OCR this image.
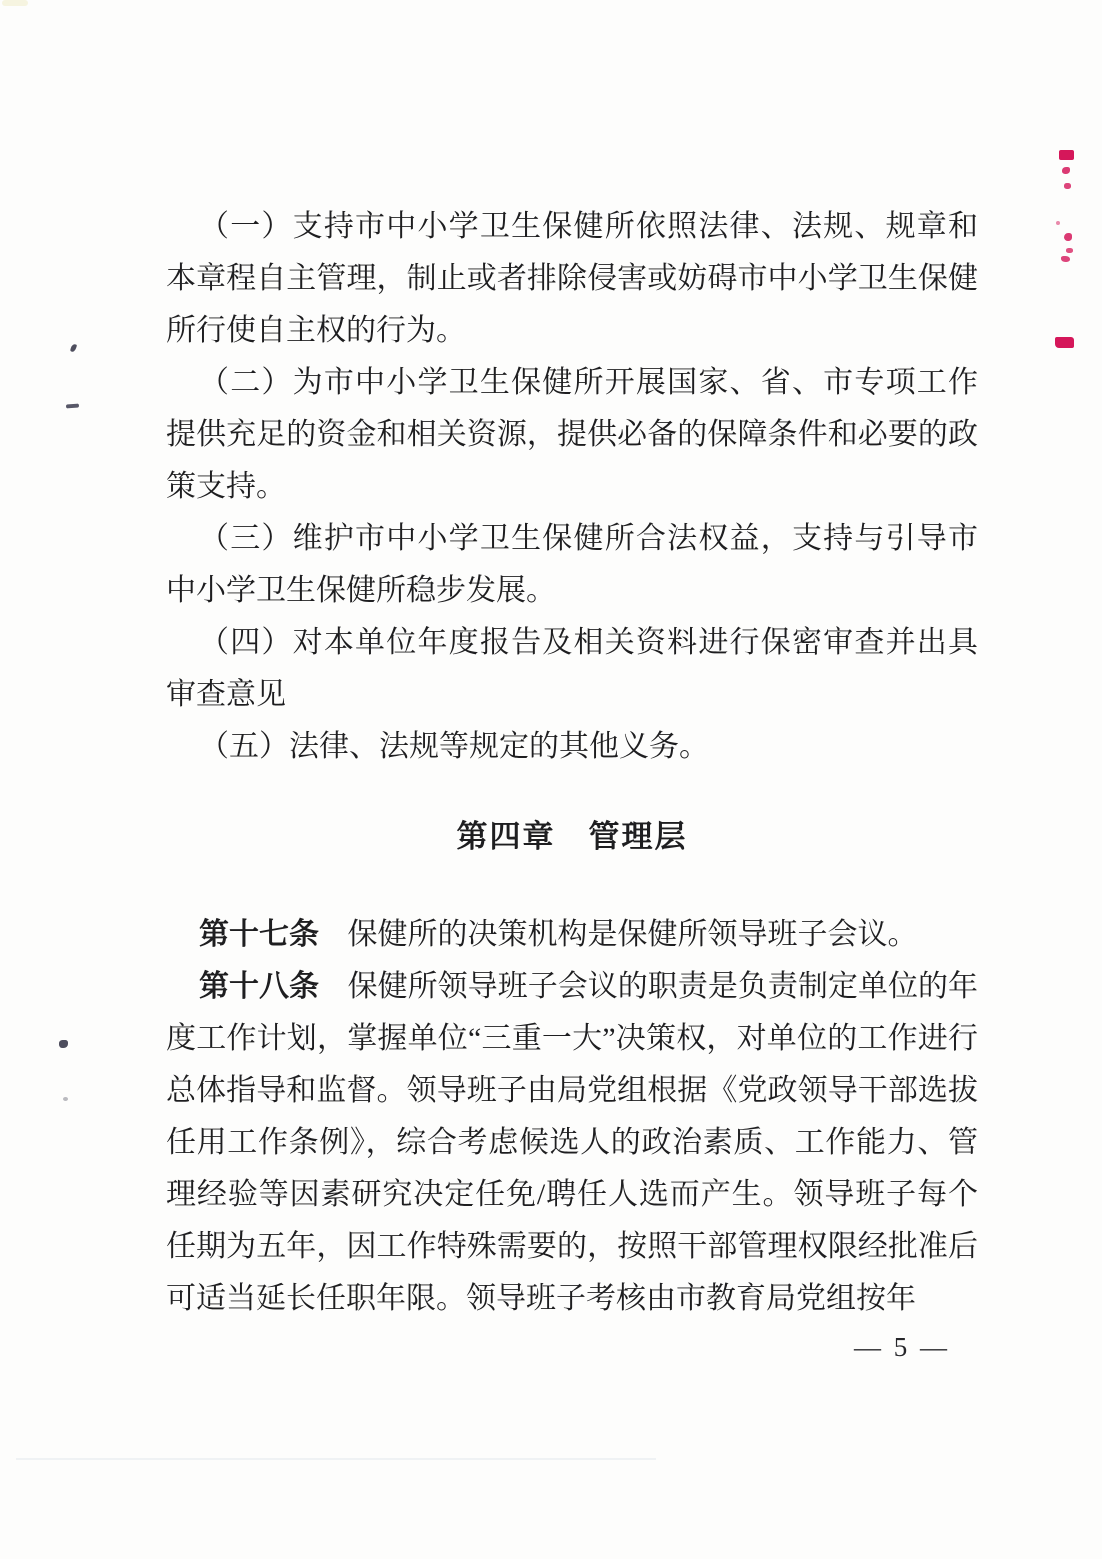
（一）支持市中小学卫生保健所依照法律、法规、规章和本章程自主管理，制止或者排除侵害或妨碍市中小学卫生保健所行使自主权的行为。

（二）为市中小学卫生保健所开展国家、省、市专项工作提供充足的资金和相关资源，提供必备的保障条件和必要的政策支持。

（三）维护市中小学卫生保健所合法权益，支持与引导市中小学卫生保健所稳步发展。

（四）对本单位年度报告及相关资料进行保密审查并出具审查意见

（五）法律、法规等规定的其他义务。

第四章　管理层

第十七条 保健所的决策机构是保健所领导班子会议。

第十八条 保健所领导班子会议的职责是负责制定单位的年度工作计划，掌握单位“三重一大”决策权，对单位的工作进行总体指导和监督。领导班子由局党组根据《党政领导干部选拔任用工作条例》，综合考虑候选人的政治素质、工作能力、管理经验等因素研究决定任免/聘任人选而产生。领导班子每个任期为五年，因工作特殊需要的，按照干部管理权限经批准后可适当延长任职年限。领导班子考核由市教育局党组按年

— 5 —
